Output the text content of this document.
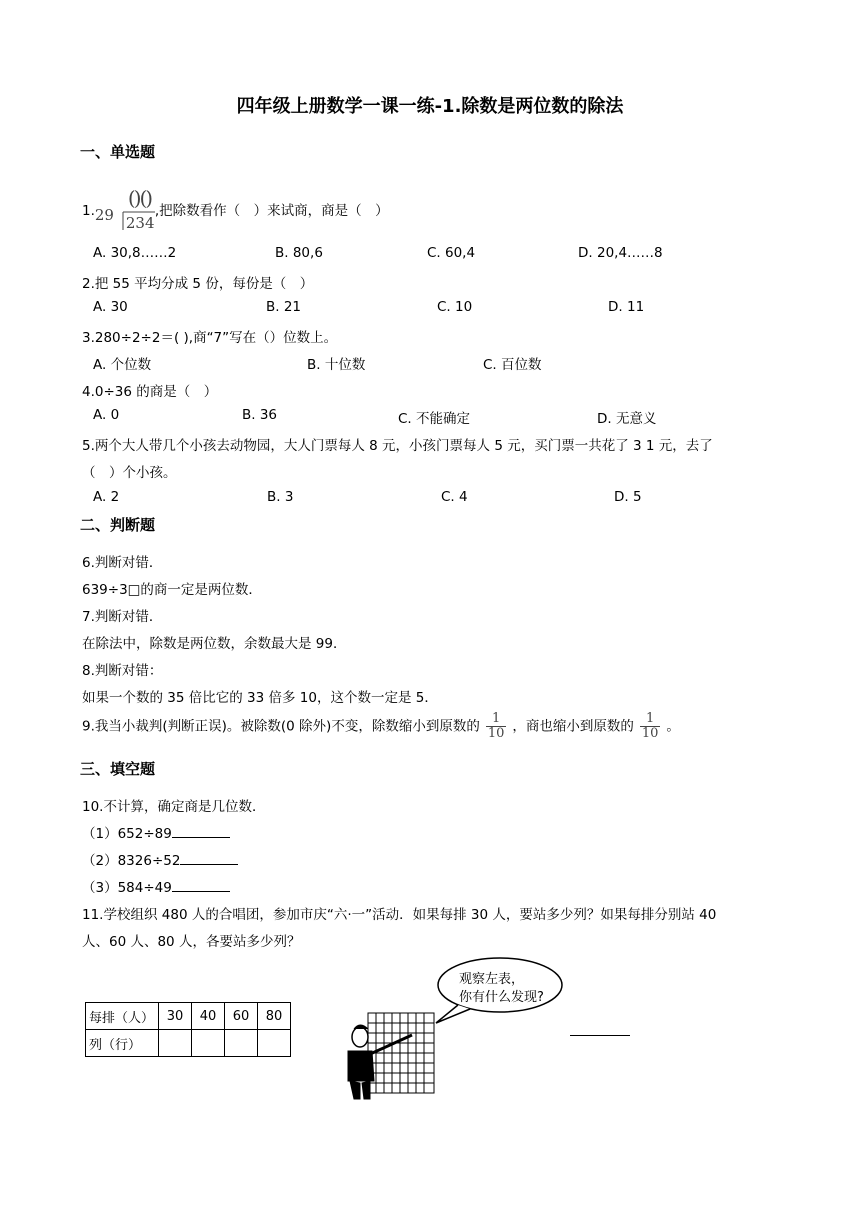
四年级上册数学一课一练-1.除数是两位数的除法
一、单选题
1. 29
()()
234
,把除数看作（　）来试商，商是（　）
A. 30,8……2	B. 80,6	C. 60,4	D. 20,4……8
2.把 55 平均分成 5 份，每份是（　）
A. 30	B. 21	C. 10	D. 11
3.280÷2÷2＝( ),商“7”写在（）位数上。
A. 个位数	B. 十位数	C. 百位数
4.0÷36 的商是（　）
A. 0	B. 36	C. 不能确定	D. 无意义
5.两个大人带几个小孩去动物园，大人门票每人 8 元，小孩门票每人 5 元，买门票一共花了 3 1 元，去了
（　）个小孩。
A. 2	B. 3	C. 4	D. 5
二、判断题
6.判断对错．
639÷3□的商一定是两位数．
7.判断对错．
在除法中，除数是两位数，余数最大是 99．
8.判断对错：
如果一个数的 35 倍比它的 33 倍多 10，这个数一定是 5．
9.我当小裁判(判断正误)。被除数(0 除外)不变，除数缩小到原数的 $\frac{1}{10}$ ，商也缩小到原数的 $\frac{1}{10}$ 。
三、填空题
10.不计算，确定商是几位数．
（1）652÷89
（2）8326÷52
（3）584÷49
11.学校组织 480 人的合唱团，参加市庆“六·一”活动．如果每排 30 人，要站多少列？如果每排分别站 40
人、60 人、80 人，各要站多少列？
每排（人）	30	40	60	80
列（行）				
观察左表，
你有什么发现?
